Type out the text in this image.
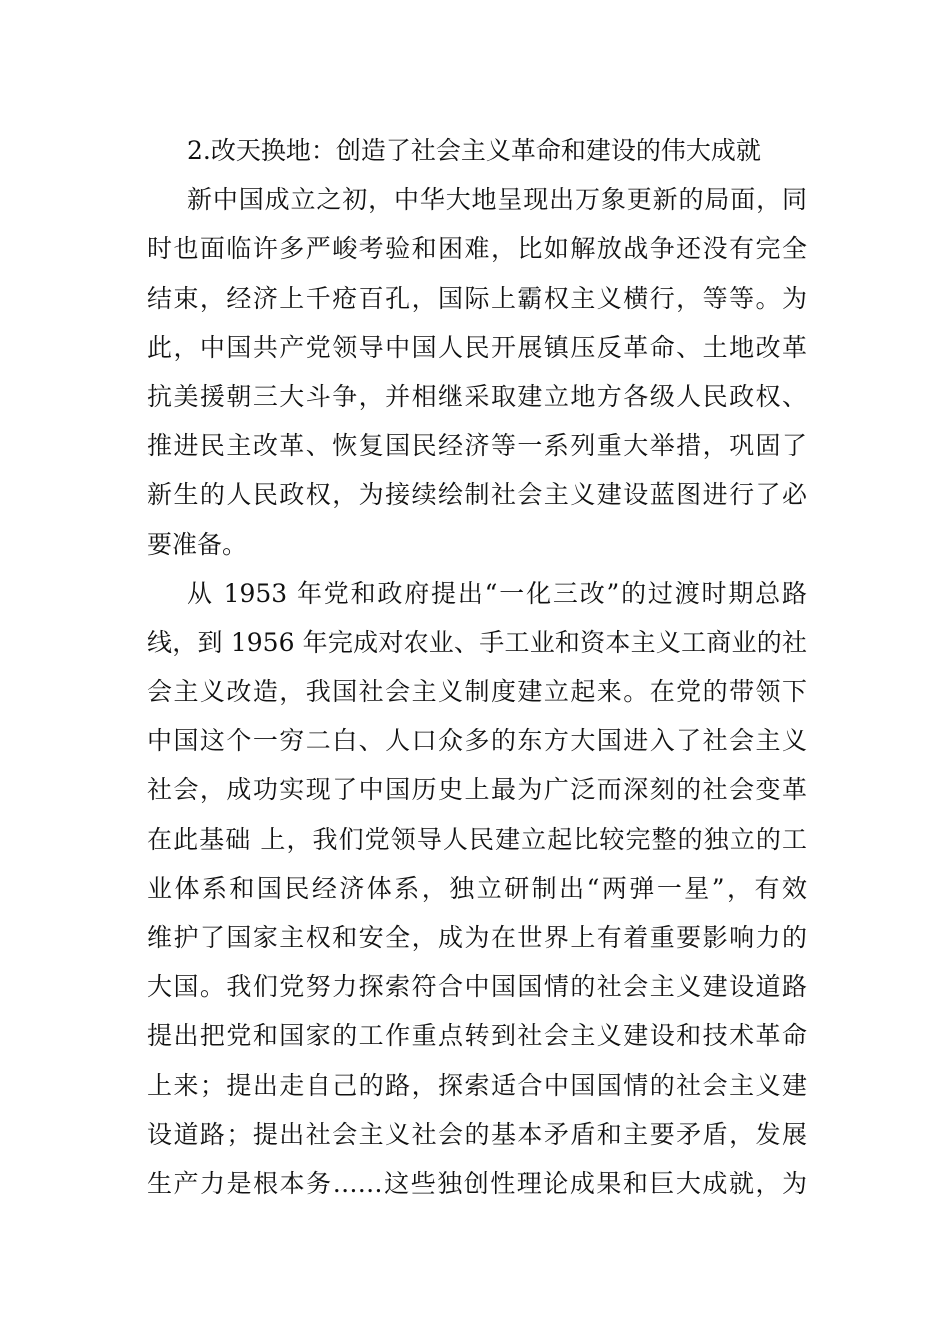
2.改天换地：创造了社会主义革命和建设的伟大成就
新中国成立之初，中华大地呈现出万象更新的局面，同
时也面临许多严峻考验和困难，比如解放战争还没有完全
结束，经济上千疮百孔，国际上霸权主义横行，等等。为
此，中国共产党领导中国人民开展镇压反革命、土地改革
抗美援朝三大斗争，并相继采取建立地方各级人民政权、
推进民主改革、恢复国民经济等一系列重大举措，巩固了
新生的人民政权，为接续绘制社会主义建设蓝图进行了必
要准备。
从 1953 年党和政府提出“一化三改”的过渡时期总路
线，到 1956 年完成对农业、手工业和资本主义工商业的社
会主义改造，我国社会主义制度建立起来。在党的带领下
中国这个一穷二白、人口众多的东方大国进入了社会主义
社会，成功实现了中国历史上最为广泛而深刻的社会变革
在此基础 上，我们党领导人民建立起比较完整的独立的工
业体系和国民经济体系，独立研制出“两弹一星”，有效
维护了国家主权和安全，成为在世界上有着重要影响力的
大国。我们党努力探索符合中国国情的社会主义建设道路
提出把党和国家的工作重点转到社会主义建设和技术革命
上来；提出走自己的路，探索适合中国国情的社会主义建
设道路；提出社会主义社会的基本矛盾和主要矛盾，发展
生产力是根本务……这些独创性理论成果和巨大成就，为
